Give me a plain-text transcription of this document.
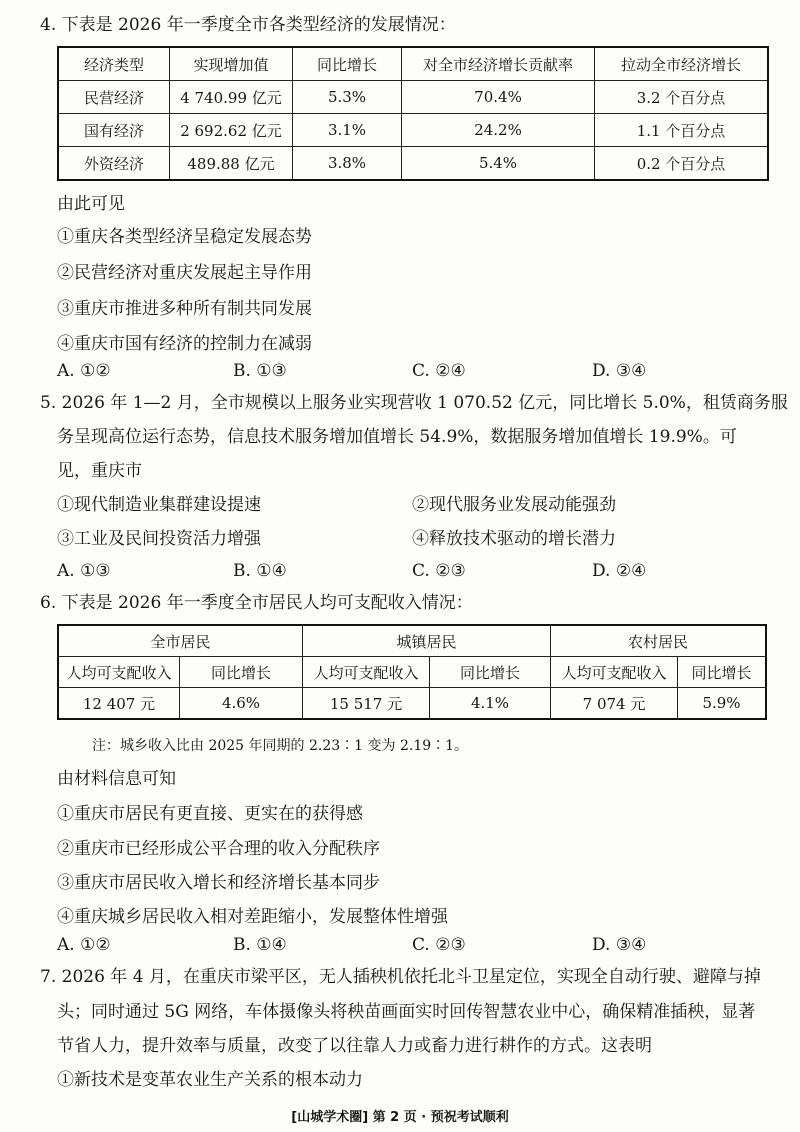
4. 下表是 2026 年一季度全市各类型经济的发展情况：
经济类型	实现增加值	同比增长	对全市经济增长贡献率	拉动全市经济增长
民营经济	4 740.99 亿元	5.3%	70.4%	3.2 个百分点
国有经济	2 692.62 亿元	3.1%	24.2%	1.1 个百分点
外资经济	489.88 亿元	3.8%	5.4%	0.2 个百分点
由此可见
①重庆各类型经济呈稳定发展态势
②民营经济对重庆发展起主导作用
③重庆市推进多种所有制共同发展
④重庆市国有经济的控制力在减弱
A. ①②	B. ①③	C. ②④	D. ③④
5. 2026 年 1—2 月，全市规模以上服务业实现营收 1 070.52 亿元，同比增长 5.0%，租赁商务服
务呈现高位运行态势，信息技术服务增加值增长 54.9%，数据服务增加值增长 19.9%。可
见，重庆市
①现代制造业集群建设提速	②现代服务业发展动能强劲
③工业及民间投资活力增强	④释放技术驱动的增长潜力
A. ①③	B. ①④	C. ②③	D. ②④
6. 下表是 2026 年一季度全市居民人均可支配收入情况：
全市居民		城镇居民		农村居民	
人均可支配收入	同比增长	人均可支配收入	同比增长	人均可支配收入	同比增长
12 407 元	4.6%	15 517 元	4.1%	7 074 元	5.9%
注：城乡收入比由 2025 年同期的 2.23∶1 变为 2.19∶1。
由材料信息可知
①重庆市居民有更直接、更实在的获得感
②重庆市已经形成公平合理的收入分配秩序
③重庆市居民收入增长和经济增长基本同步
④重庆城乡居民收入相对差距缩小，发展整体性增强
A. ①②	B. ①④	C. ②③	D. ③④
7. 2026 年 4 月，在重庆市梁平区，无人插秧机依托北斗卫星定位，实现全自动行驶、避障与掉
头；同时通过 5G 网络，车体摄像头将秧苗画面实时回传智慧农业中心，确保精准插秧，显著
节省人力，提升效率与质量，改变了以往靠人力或畜力进行耕作的方式。这表明
①新技术是变革农业生产关系的根本动力
[山城学术圈] 第 2 页 · 预祝考试顺利
